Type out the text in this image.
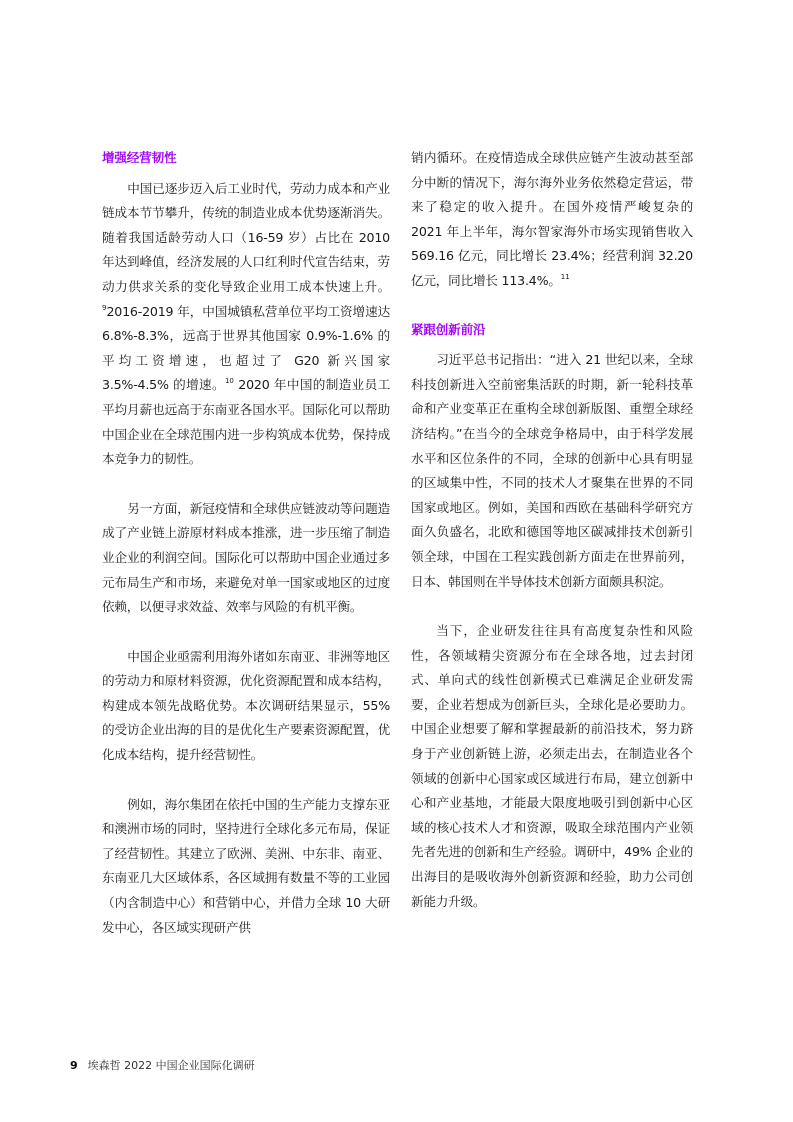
增强经营韧性

中国已逐步迈入后工业时代，劳动力成本和产业链成本节节攀升，传统的制造业成本优势逐渐消失。随着我国适龄劳动人口（16-59 岁）占比在 2010 年达到峰值，经济发展的人口红利时代宣告结束，劳动力供求关系的变化导致企业用工成本快速上升。$^9$2016-2019 年，中国城镇私营单位平均工资增速达 6.8%-8.3%，远高于世界其他国家 0.9%-1.6% 的平均工资增速，也超过了 G20 新兴国家 3.5%-4.5% 的增速。$^{10}$ 2020 年中国的制造业员工平均月薪也远高于东南亚各国水平。国际化可以帮助中国企业在全球范围内进一步构筑成本优势，保持成本竞争力的韧性。

另一方面，新冠疫情和全球供应链波动等问题造成了产业链上游原材料成本推涨，进一步压缩了制造业企业的利润空间。国际化可以帮助中国企业通过多元布局生产和市场，来避免对单一国家或地区的过度依赖，以便寻求效益、效率与风险的有机平衡。

中国企业亟需利用海外诸如东南亚、非洲等地区的劳动力和原材料资源，优化资源配置和成本结构，构建成本领先战略优势。本次调研结果显示，55% 的受访企业出海的目的是优化生产要素资源配置，优化成本结构，提升经营韧性。

例如，海尔集团在依托中国的生产能力支撑东亚和澳洲市场的同时，坚持进行全球化多元布局，保证了经营韧性。其建立了欧洲、美洲、中东非、南亚、东南亚几大区域体系，各区域拥有数量不等的工业园（内含制造中心）和营销中心，并借力全球 10 大研发中心，各区域实现研产供

销内循环。在疫情造成全球供应链产生波动甚至部分中断的情况下，海尔海外业务依然稳定营运，带来了稳定的收入提升。在国外疫情严峻复杂的 2021 年上半年，海尔智家海外市场实现销售收入 569.16 亿元，同比增长 23.4%；经营利润 32.20 亿元，同比增长 113.4%。$^{11}$

紧跟创新前沿

习近平总书记指出：“进入 21 世纪以来，全球科技创新进入空前密集活跃的时期，新一轮科技革命和产业变革正在重构全球创新版图、重塑全球经济结构。”在当今的全球竞争格局中，由于科学发展水平和区位条件的不同，全球的创新中心具有明显的区域集中性，不同的技术人才聚集在世界的不同国家或地区。例如，美国和西欧在基础科学研究方面久负盛名，北欧和德国等地区碳减排技术创新引领全球，中国在工程实践创新方面走在世界前列，日本、韩国则在半导体技术创新方面颇具积淀。

当下，企业研发往往具有高度复杂性和风险性，各领域精尖资源分布在全球各地，过去封闭式、单向式的线性创新模式已难满足企业研发需要，企业若想成为创新巨头，全球化是必要助力。中国企业想要了解和掌握最新的前沿技术，努力跻身于产业创新链上游，必须走出去，在制造业各个领域的创新中心国家或区域进行布局，建立创新中心和产业基地，才能最大限度地吸引到创新中心区域的核心技术人才和资源，吸取全球范围内产业领先者先进的创新和生产经验。调研中，49% 企业的出海目的是吸收海外创新资源和经验，助力公司创新能力升级。

9 埃森哲 2022 中国企业国际化调研
